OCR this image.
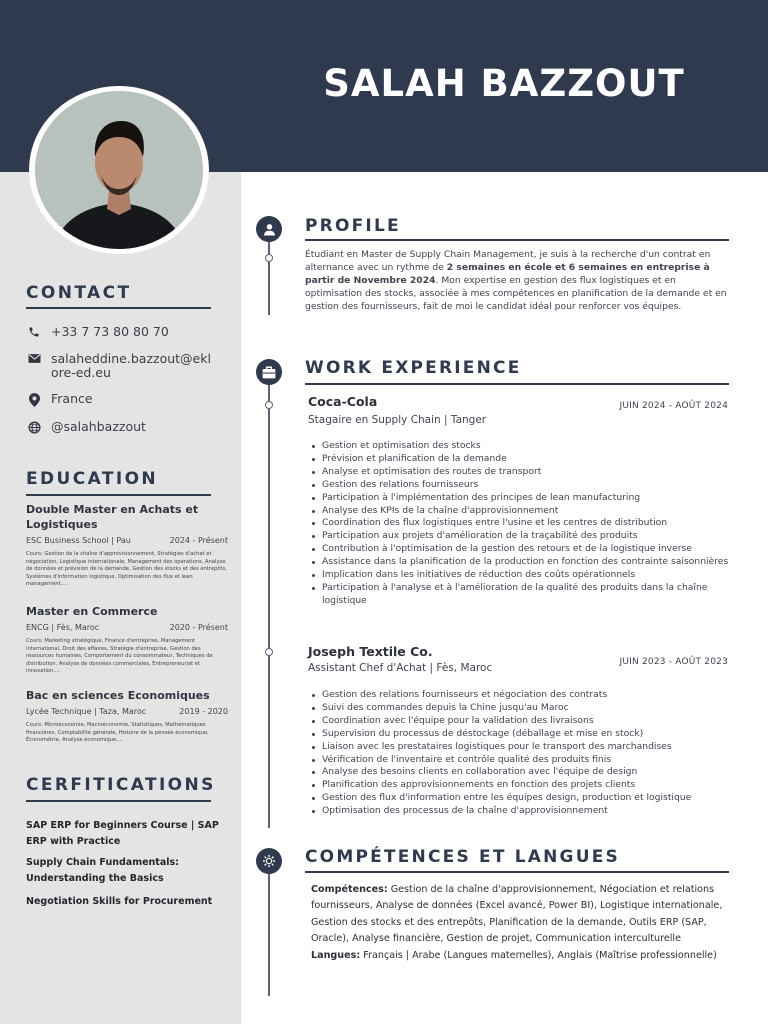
SALAH BAZZOUT
CONTACT
+33 7 73 80 80 70
salaheddine.bazzout@eklore-ed.eu
France
@salahbazzout
EDUCATION
Double Master en Achats et Logistiques
ESC Business School | Pau	2024 - Présent
Cours: Gestion de la chaîne d'approvisionnement, Stratégies d'achat et négociation, Logistique internationale, Management des opérations, Analyse de données et prévision de la demande, Gestion des stocks et des entrepôts, Systèmes d'information logistique, Optimisation des flux et lean management,...
Master en Commerce
ENCG | Fès, Maroc	2020 - Présent
Cours: Marketing stratégique, Finance d'entreprise, Management international, Droit des affaires, Stratégie d'entreprise, Gestion des ressources humaines, Comportement du consommateur, Techniques de distribution, Analyse de données commerciales, Entrepreneuriat et innovation,...
Bac en sciences Economiques
Lycée Technique | Taza, Maroc	2019 - 2020
Cours: Microéconomie, Macroéconomie, Statistiques, Mathématiques financières, Comptabilité générale, Histoire de la pensée économique, Économétrie, Analyse économique,...
CERFITICATIONS
SAP ERP for Beginners Course | SAP ERP with Practice
Supply Chain Fundamentals: Understanding the Basics
Negotiation Skills for Procurement
PROFILE
Étudiant en Master de Supply Chain Management, je suis à la recherche d'un contrat en alternance avec un rythme de 2 semaines en école et 6 semaines en entreprise à partir de Novembre 2024. Mon expertise en gestion des flux logistiques et en optimisation des stocks, associée à mes compétences en planification de la demande et en gestion des fournisseurs, fait de moi le candidat idéal pour renforcer vos équipes.
WORK EXPERIENCE
Coca-Cola
Stagaire en Supply Chain | Tanger
JUIN 2024 - AOÛT 2024
Gestion et optimisation des stocks
Prévision et planification de la demande
Analyse et optimisation des routes de transport
Gestion des relations fournisseurs
Participation à l'implémentation des principes de lean manufacturing
Analyse des KPIs de la chaîne d'approvisionnement
Coordination des flux logistiques entre l'usine et les centres de distribution
Participation aux projets d'amélioration de la traçabilité des produits
Contribution à l'optimisation de la gestion des retours et de la logistique inverse
Assistance dans la planification de la production en fonction des contrainte saisonnières
Implication dans les initiatives de réduction des coûts opérationnels
Participation à l'analyse et à l'amélioration de la qualité des produits dans la chaîne logistique
Joseph Textile Co.
Assistant Chef d'Achat | Fès, Maroc	JUIN 2023 - AOÛT 2023
Gestion des relations fournisseurs et négociation des contrats
Suivi des commandes depuis la Chine jusqu'au Maroc
Coordination avec l'équipe pour la validation des livraisons
Supervision du processus de déstockage (déballage et mise en stock)
Liaison avec les prestataires logistiques pour le transport des marchandises
Vérification de l'inventaire et contrôle qualité des produits finis
Analyse des besoins clients en collaboration avec l'équipe de design
Planification des approvisionnements en fonction des projets clients
Gestion des flux d'information entre les équipes design, production et logistique
Optimisation des processus de la chaîne d'approvisionnement
COMPÉTENCES ET LANGUES
Compétences: Gestion de la chaîne d'approvisionnement, Négociation et relations fournisseurs, Analyse de données (Excel avancé, Power BI), Logistique internationale, Gestion des stocks et des entrepôts, Planification de la demande, Outils ERP (SAP, Oracle), Analyse financière, Gestion de projet, Communication interculturelle
Langues: Français | Arabe (Langues maternelles), Anglais (Maîtrise professionnelle)
